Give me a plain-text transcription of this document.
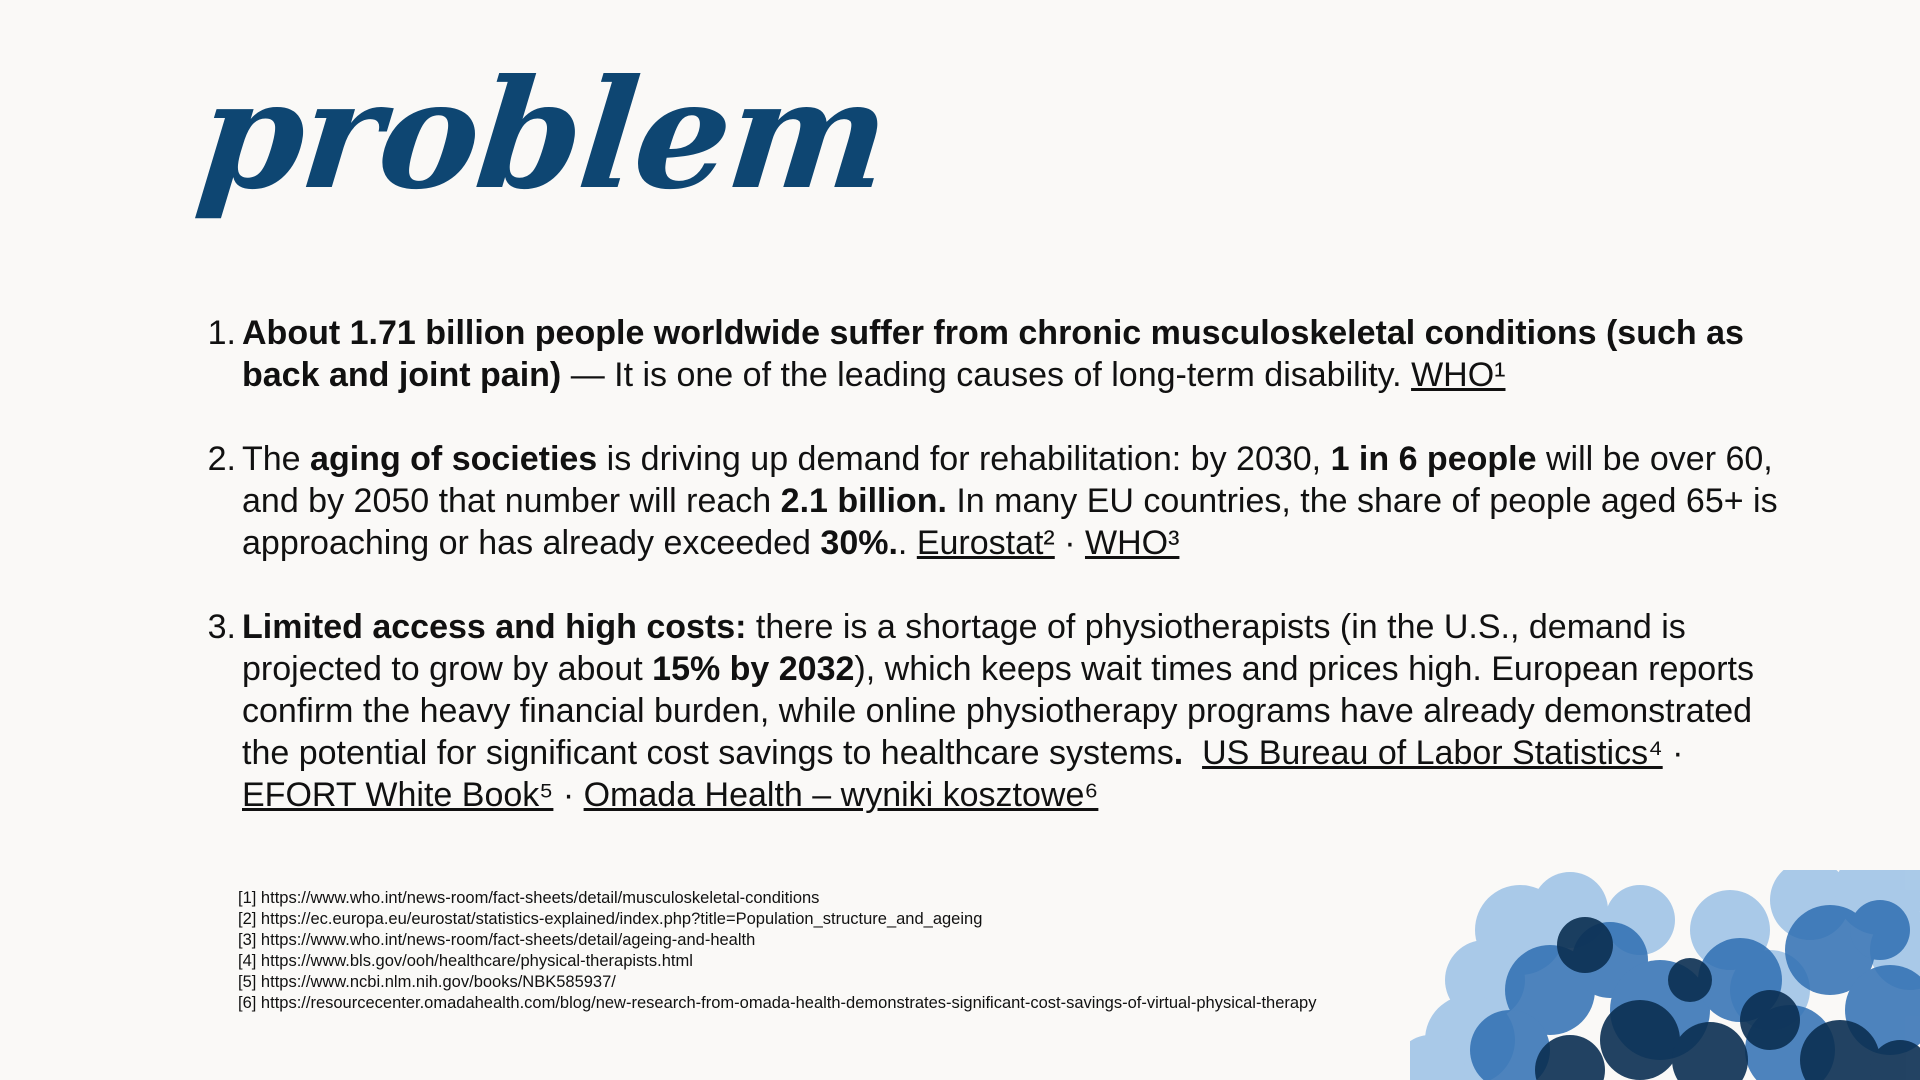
problem
1. About 1.71 billion people worldwide suffer from chronic musculoskeletal conditions (such as back and joint pain) — It is one of the leading causes of long-term disability. WHO¹
2. The aging of societies is driving up demand for rehabilitation: by 2030, 1 in 6 people will be over 60, and by 2050 that number will reach 2.1 billion. In many EU countries, the share of people aged 65+ is approaching or has already exceeded 30%.. Eurostat² · WHO³
3. Limited access and high costs: there is a shortage of physiotherapists (in the U.S., demand is projected to grow by about 15% by 2032), which keeps wait times and prices high. European reports confirm the heavy financial burden, while online physiotherapy programs have already demonstrated the potential for significant cost savings to healthcare systems. US Bureau of Labor Statistics⁴ · EFORT White Book⁵ · Omada Health – wyniki kosztowe⁶
[1] https://www.who.int/news-room/fact-sheets/detail/musculoskeletal-conditions
[2] https://ec.europa.eu/eurostat/statistics-explained/index.php?title=Population_structure_and_ageing
[3] https://www.who.int/news-room/fact-sheets/detail/ageing-and-health
[4] https://www.bls.gov/ooh/healthcare/physical-therapists.html
[5] https://www.ncbi.nlm.nih.gov/books/NBK585937/
[6] https://resourcecenter.omadahealth.com/blog/new-research-from-omada-health-demonstrates-significant-cost-savings-of-virtual-physical-therapy
